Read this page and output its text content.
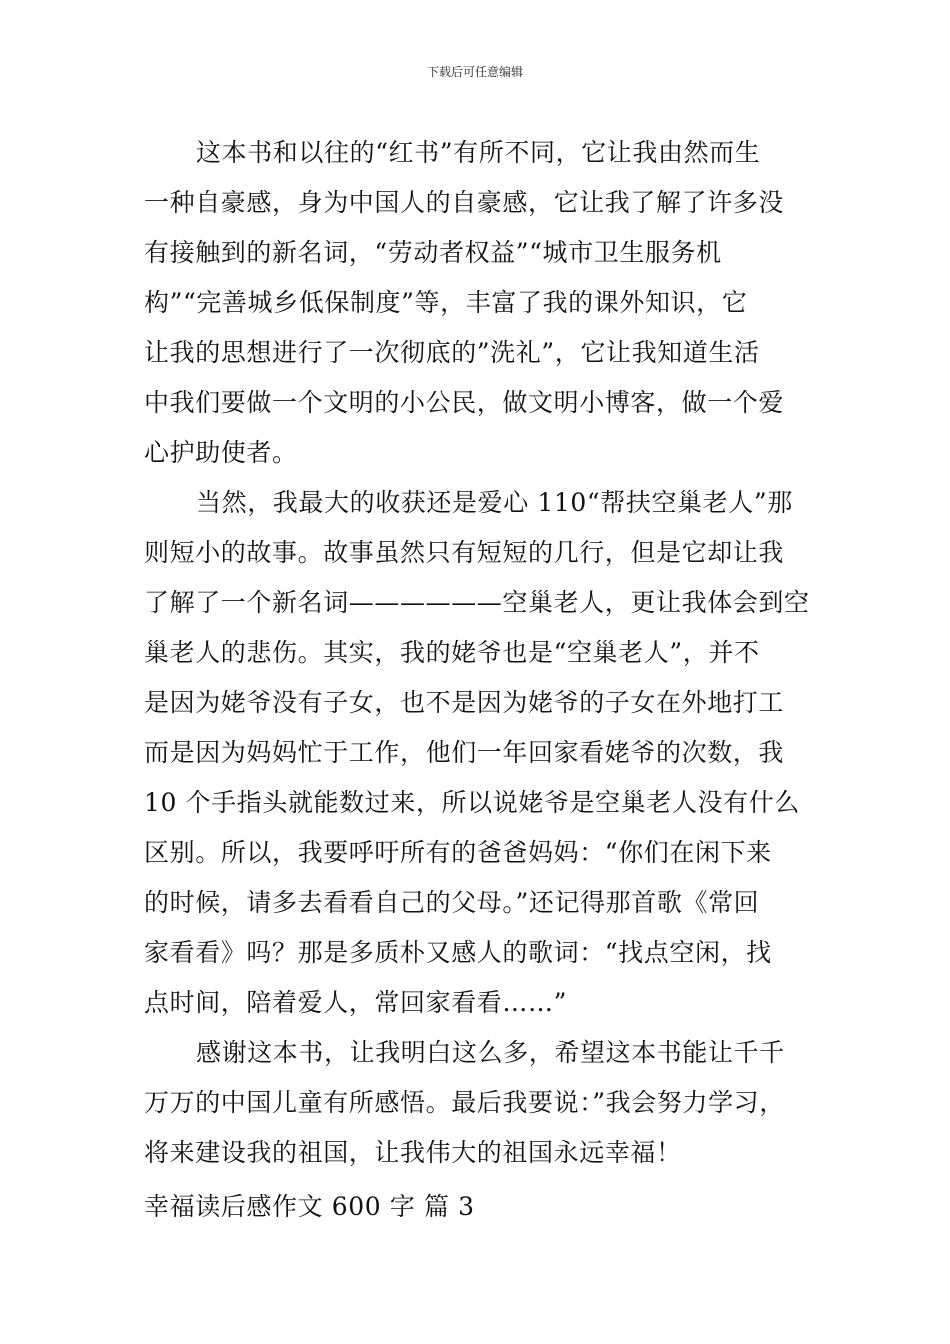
下载后可任意编辑
这本书和以往的“红书”有所不同，它让我由然而生
一种自豪感，身为中国人的自豪感，它让我了解了许多没
有接触到的新名词，“劳动者权益”“城市卫生服务机
构”“完善城乡低保制度”等，丰富了我的课外知识，它
让我的思想进行了一次彻底的”洗礼”，它让我知道生活
中我们要做一个文明的小公民，做文明小博客，做一个爱
心护助使者。
当然，我最大的收获还是爱心 110“帮扶空巢老人”那
则短小的故事。故事虽然只有短短的几行，但是它却让我
了解了一个新名词——————空巢老人，更让我体会到空
巢老人的悲伤。其实，我的姥爷也是“空巢老人”，并不
是因为姥爷没有子女，也不是因为姥爷的子女在外地打工
而是因为妈妈忙于工作，他们一年回家看姥爷的次数，我
10 个手指头就能数过来，所以说姥爷是空巢老人没有什么
区别。所以，我要呼吁所有的爸爸妈妈：“你们在闲下来
的时候，请多去看看自己的父母。”还记得那首歌《常回
家看看》吗？那是多质朴又感人的歌词：“找点空闲，找
点时间，陪着爱人，常回家看看……”
感谢这本书，让我明白这么多，希望这本书能让千千
万万的中国儿童有所感悟。最后我要说：”我会努力学习，
将来建设我的祖国，让我伟大的祖国永远幸福！
幸福读后感作文 600 字 篇 3
